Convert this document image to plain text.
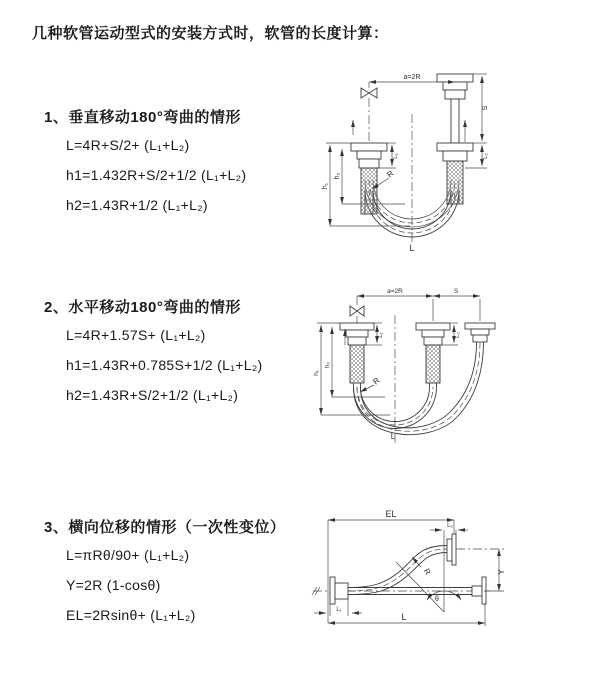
几种软管运动型式的安装方式时，软管的长度计算：
1、垂直移动180°弯曲的情形
L=4R+S/2+ (L₁+L₂)
h1=1.432R+S/2+1/2 (L₁+L₂)
h2=1.43R+1/2 (L₁+L₂)
2、水平移动180°弯曲的情形
L=4R+1.57S+ (L₁+L₂)
h1=1.43R+0.785S+1/2 (L₁+L₂)
h2=1.43R+S/2+1/2 (L₁+L₂)
3、横向位移的情形（一次性变位）
L=πRθ/90+ (L₁+L₂)
Y=2R (1-cosθ)
EL=2Rsinθ+ (L₁+L₂)
a=2R
h₁
h₂
L₁
S
L₂
R
L
a=2R	S
h₁
h₂
L₁	L₂
R
L
EL
L₂
θ
R	Y
L₁
L
